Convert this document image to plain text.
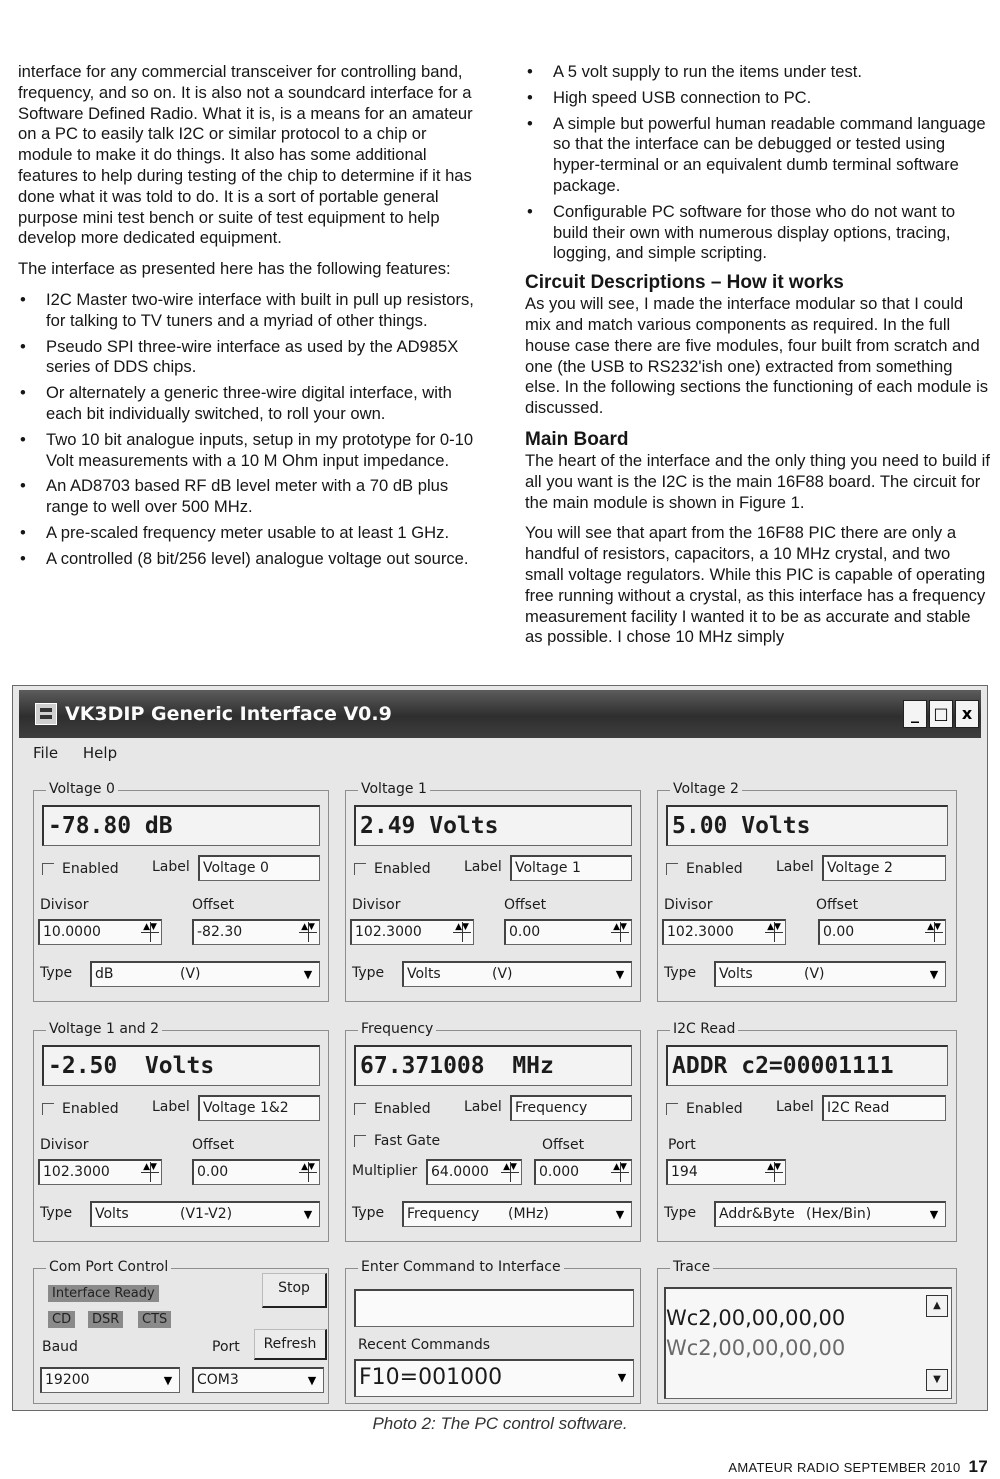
interface for any commercial transceiver for controlling band, frequency, and so on. It is also not a soundcard interface for a Software Defined Radio. What it is, is a means for an amateur on a PC to easily talk I2C or similar protocol to a chip or module to make it do things. It also has some additional features to help during testing of the chip to determine if it has done what it was told to do. It is a sort of portable general purpose mini test bench or suite of test equipment to help develop more dedicated equipment.

The interface as presented here has the following features:

• I2C Master two-wire interface with built in pull up resistors, for talking to TV tuners and a myriad of other things.
• Pseudo SPI three-wire interface as used by the AD985X series of DDS chips.
• Or alternately a generic three-wire digital interface, with each bit individually switched, to roll your own.
• Two 10 bit analogue inputs, setup in my prototype for 0-10 Volt measurements with a 10 M Ohm input impedance.
• An AD8703 based RF dB level meter with a 70 dB plus range to well over 500 MHz.
• A pre-scaled frequency meter usable to at least 1 GHz.
• A controlled (8 bit/256 level) analogue voltage out source.
• A 5 volt supply to run the items under test.
• High speed USB connection to PC.
• A simple but powerful human readable command language so that the interface can be debugged or tested using hyper-terminal or an equivalent dumb terminal software package.
• Configurable PC software for those who do not want to build their own with numerous display options, tracing, logging, and simple scripting.
Circuit Descriptions – How it works

As you will see, I made the interface modular so that I could mix and match various components as required. In the full house case there are five modules, four built from scratch and one (the USB to RS232'ish one) extracted from something else. In the following sections the functioning of each module is discussed.

Main Board

The heart of the interface and the only thing you need to build if all you want is the I2C is the main 16F88 board. The circuit for the main module is shown in Figure 1.

You will see that apart from the 16F88 PIC there are only a handful of resistors, capacitors, a 10 MHz crystal, and two small voltage regulators. While this PIC is capable of operating free running without a crystal, as this interface has a frequency measurement facility I wanted it to be as accurate and stable as possible. I chose 10 MHz simply

VK3DIP Generic Interface V0.9	_ □ x
File Help
Voltage 0
-78.80 dB
Enabled Label Voltage 0
Divisor	Offset
10.0000	▲▼	-82.30	▲▼
Type	dB	(V)	▼
Voltage 1
2.49 Volts
Enabled Label Voltage 1
Divisor	Offset
102.3000	▲▼	0.00	▲▼
Type	Volts	(V)	▼
Voltage 2
5.00 Volts
Enabled Label Voltage 2
Divisor	Offset
102.3000	▲▼	0.00	▲▼
Type	Volts	(V)	▼
Voltage 1 and 2
-2.50  Volts
Enabled Label Voltage 1&2
Divisor	Offset
102.3000	▲▼	0.00	▲▼
Type	Volts	(V1-V2)	▼
Frequency
67.371008  MHz
Enabled Label Frequency
Fast Gate	Offset
Multiplier 64.0000 ▲▼	0.000	▲▼
Type	Frequency (MHz)	▼
I2C Read
ADDR c2=00001111
Enabled Label I2C Read
Port
194	▲▼
Type	Addr&Byte (Hex/Bin)	▼
Com Port Control
Interface Ready
CD	DSR	CTS
Stop
Baud	Port	Refresh
19200	▼	COM3	▼
Enter Command to Interface
Recent Commands
F10=001000	▼
Trace
Wc2,00,00,00,00
Wc2,00,00,00,00
▲
▼
Photo 2: The PC control software.
AMATEUR RADIO SEPTEMBER 2010 17
